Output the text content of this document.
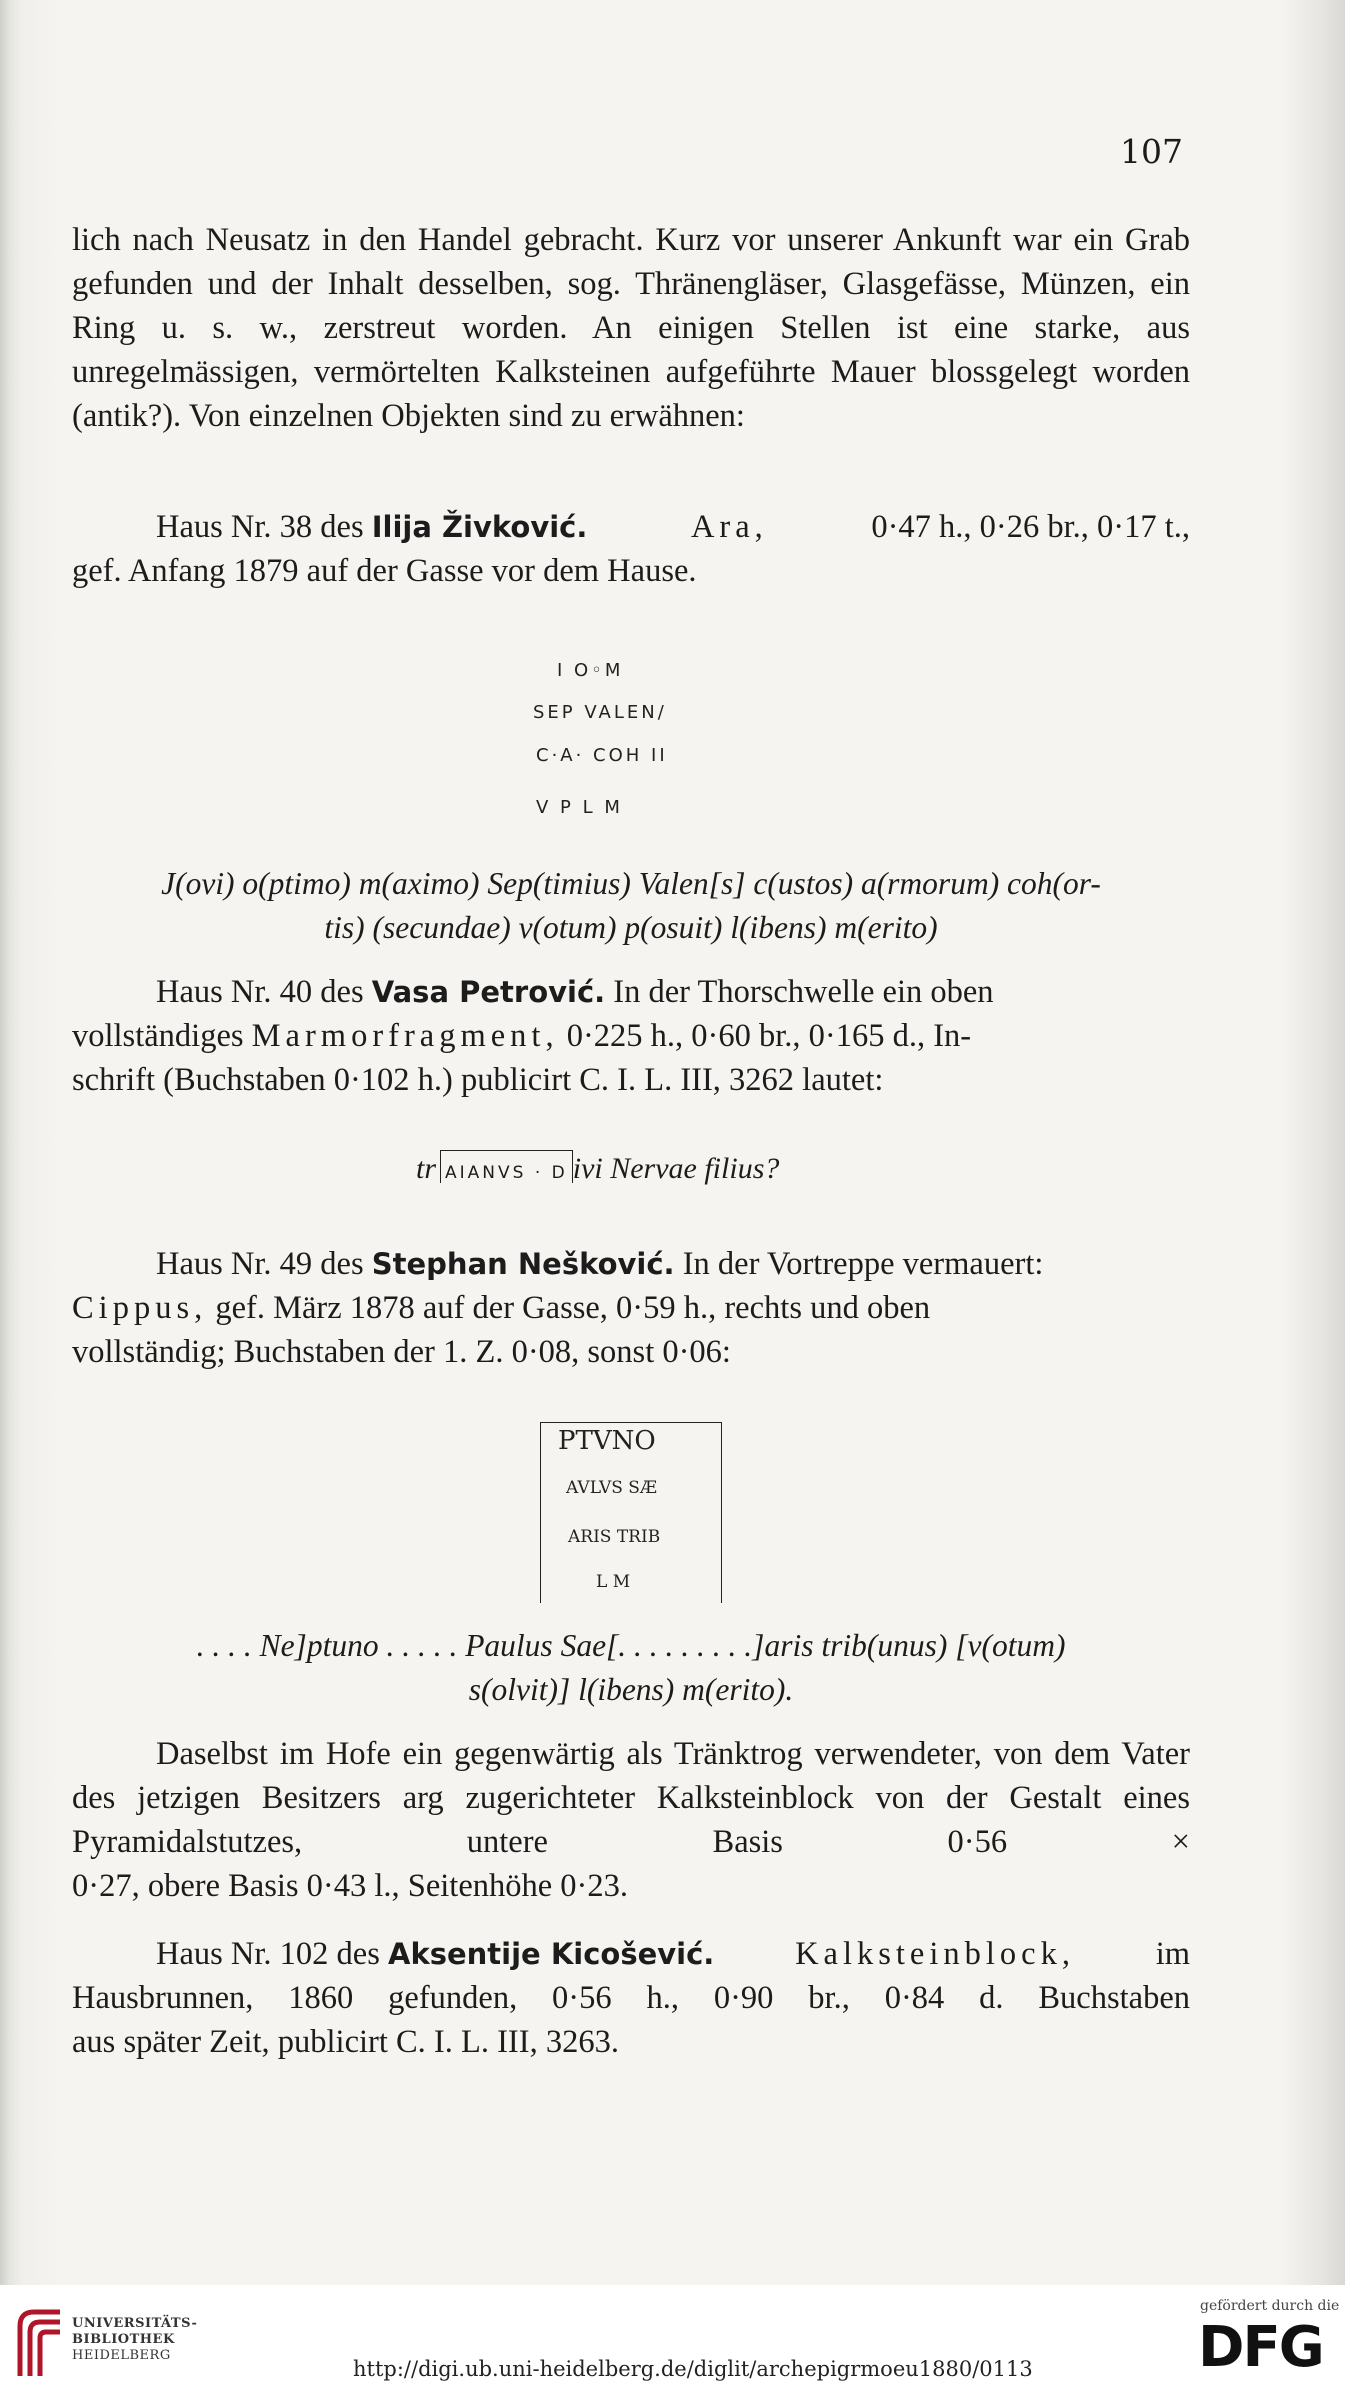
107

lich nach Neusatz in den Handel gebracht. Kurz vor unserer Ankunft war ein Grab gefunden und der Inhalt desselben, sog. Thränengläser, Glasgefässe, Münzen, ein Ring u. s. w., zerstreut worden. An einigen Stellen ist eine starke, aus unregelmässigen, vermörtelten Kalksteinen aufgeführte Mauer blossgelegt worden (antik?). Von einzelnen Objekten sind zu erwähnen:

Haus Nr. 38 des Ilija Živković.	Ara,	0·47 h., 0·26 br., 0·17 t.,
gef. Anfang 1879 auf der Gasse vor dem Hause.
I O◦M
SEP VALEN/
C·A· COH II
V P L M
J(ovi) o(ptimo) m(aximo) Sep(timius) Valen[s] c(ustos) a(rmorum) coh(or-
tis) (secundae) v(otum) p(osuit) l(ibens) m(erito)
Haus Nr. 40 des Vasa Petrović. In der Thorschwelle ein oben
vollständiges Marmorfragment, 0·225 h., 0·60 br., 0·165 d., In-
schrift (Buchstaben 0·102 h.) publicirt C. I. L. III, 3262 lautet:
tr AIANVS · D ivi Nervae filius?
Haus Nr. 49 des Stephan Nešković. In der Vortreppe vermauert:
Cippus, gef. März 1878 auf der Gasse, 0·59 h., rechts und oben
vollständig; Buchstaben der 1. Z. 0·08, sonst 0·06:
PTVNO
AVLVS SÆ
ARIS TRIB
L M
. . . . Ne]ptuno . . . . . Paulus Sae[. . . . . . . . .]aris trib(unus) [v(otum)
s(olvit)] l(ibens) m(erito).

Daselbst im Hofe ein gegenwärtig als Tränktrog verwendeter, von dem Vater des jetzigen Besitzers arg zugerichteter Kalksteinblock von der Gestalt eines Pyramidalstutzes, untere Basis 0·56 ×

0·27, obere Basis 0·43 l., Seitenhöhe 0·23.
Haus Nr. 102 des Aksentije Kicošević. Kalksteinblock, im
Hausbrunnen, 1860 gefunden, 0·56 h., 0·90 br., 0·84 d. Buchstaben
aus später Zeit, publicirt C. I. L. III, 3263.
UNIVERSITÄTS-
BIBLIOTHEK
HEIDELBERG
http://digi.ub.uni-heidelberg.de/diglit/archepigrmoeu1880/0113
gefördert durch die
DFG
